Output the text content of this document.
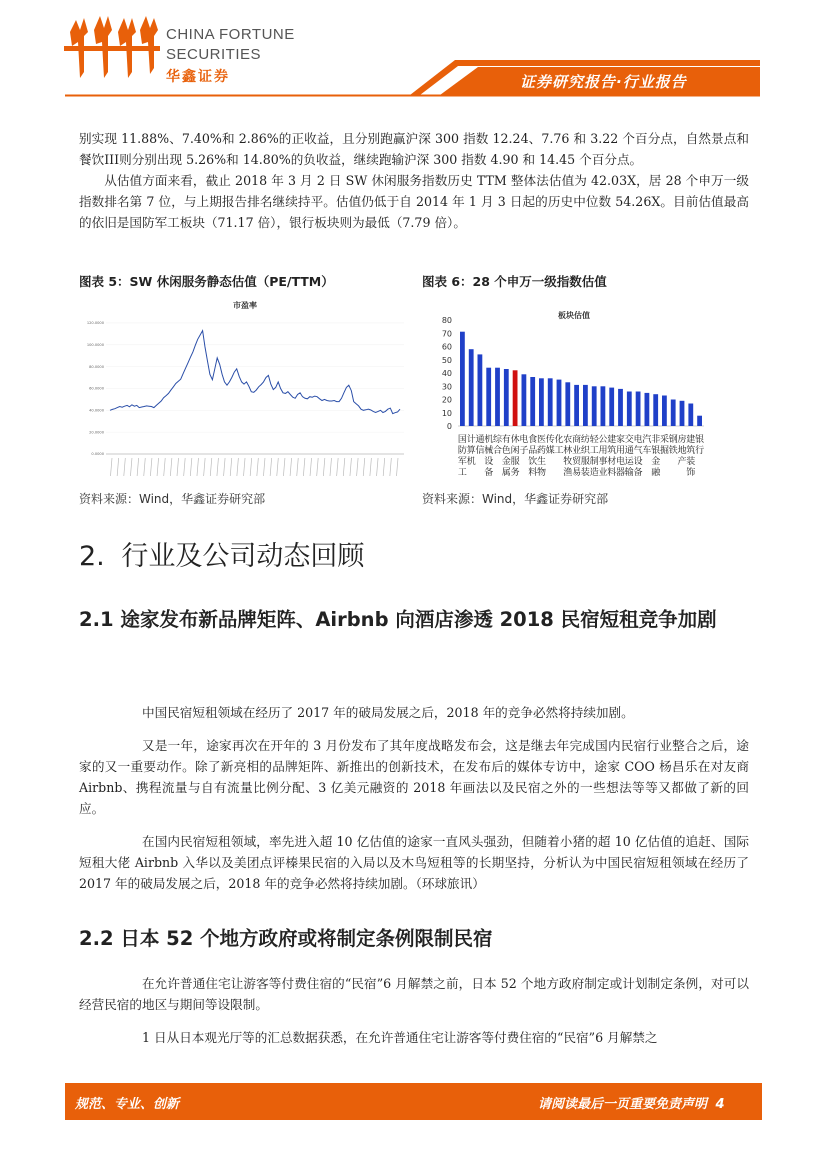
CHINA FORTUNE
SECURITIES
华鑫证券	证券研究报告·行业报告

别实现 11.88%、7.40%和 2.86%的正收益，且分别跑赢沪深 300 指数 12.24、7.76 和 3.22 个百分点，自然景点和餐饮III则分别出现 5.26%和 14.80%的负收益，继续跑输沪深 300 指数 4.90 和 14.45 个百分点。

从估值方面来看，截止 2018 年 3 月 2 日 SW 休闲服务指数历史 TTM 整体法估值为 42.03X，居 28 个申万一级指数排名第 7 位，与上期报告排名继续持平。估值仍低于自 2014 年 1 月 3 日起的历史中位数 54.26X。目前估值最高的依旧是国防军工板块（71.17 倍），银行板块则为最低（7.79 倍）。

图表 5：SW 休闲服务静态估值（PE/TTM）
市盈率
0.0000
20.0000
40.0000
60.0000
80.0000
100.0000
120.0000
资料来源：Wind，华鑫证券研究部
图表 6：28 个申万一级指数估值
板块估值
0
10
20
30
40
50
60
70
80
国防军工
计算机
通信
机械设备
综合
有色金属
休闲服务
电子
食品饮料
医药生物
传媒
化工
农林牧渔
商业贸易
纺织服装
轻工制造
公用事业
建筑材料
家用电器
交通运输
电气设备
汽车
非银金融
采掘
钢铁
房地产
建筑装饰
银行
资料来源：Wind，华鑫证券研究部
2. 行业及公司动态回顾
2.1 途家发布新品牌矩阵、Airbnb 向酒店渗透 2018 民宿短租竞争加剧

中国民宿短租领域在经历了 2017 年的破局发展之后，2018 年的竞争必然将持续加剧。

又是一年，途家再次在开年的 3 月份发布了其年度战略发布会，这是继去年完成国内民宿行业整合之后，途家的又一重要动作。除了新亮相的品牌矩阵、新推出的创新技术，在发布后的媒体专访中，途家 COO 杨昌乐在对友商 Airbnb、携程流量与自有流量比例分配、3 亿美元融资的 2018 年画法以及民宿之外的一些想法等等又都做了新的回应。

在国内民宿短租领域，率先进入超 10 亿估值的途家一直风头强劲，但随着小猪的超 10 亿估值的追赶、国际短租大佬 Airbnb 入华以及美团点评榛果民宿的入局以及木鸟短租等的长期坚持，分析认为中国民宿短租领域在经历了 2017 年的破局发展之后，2018 年的竞争必然将持续加剧。（环球旅讯）

2.2 日本 52 个地方政府或将制定条例限制民宿

在允许普通住宅让游客等付费住宿的“民宿”6 月解禁之前，日本 52 个地方政府制定或计划制定条例，对可以经营民宿的地区与期间等设限制。

1 日从日本观光厅等的汇总数据获悉，在允许普通住宅让游客等付费住宿的“民宿”6 月解禁之

规范、专业、创新	请阅读最后一页重要免责声明 4
